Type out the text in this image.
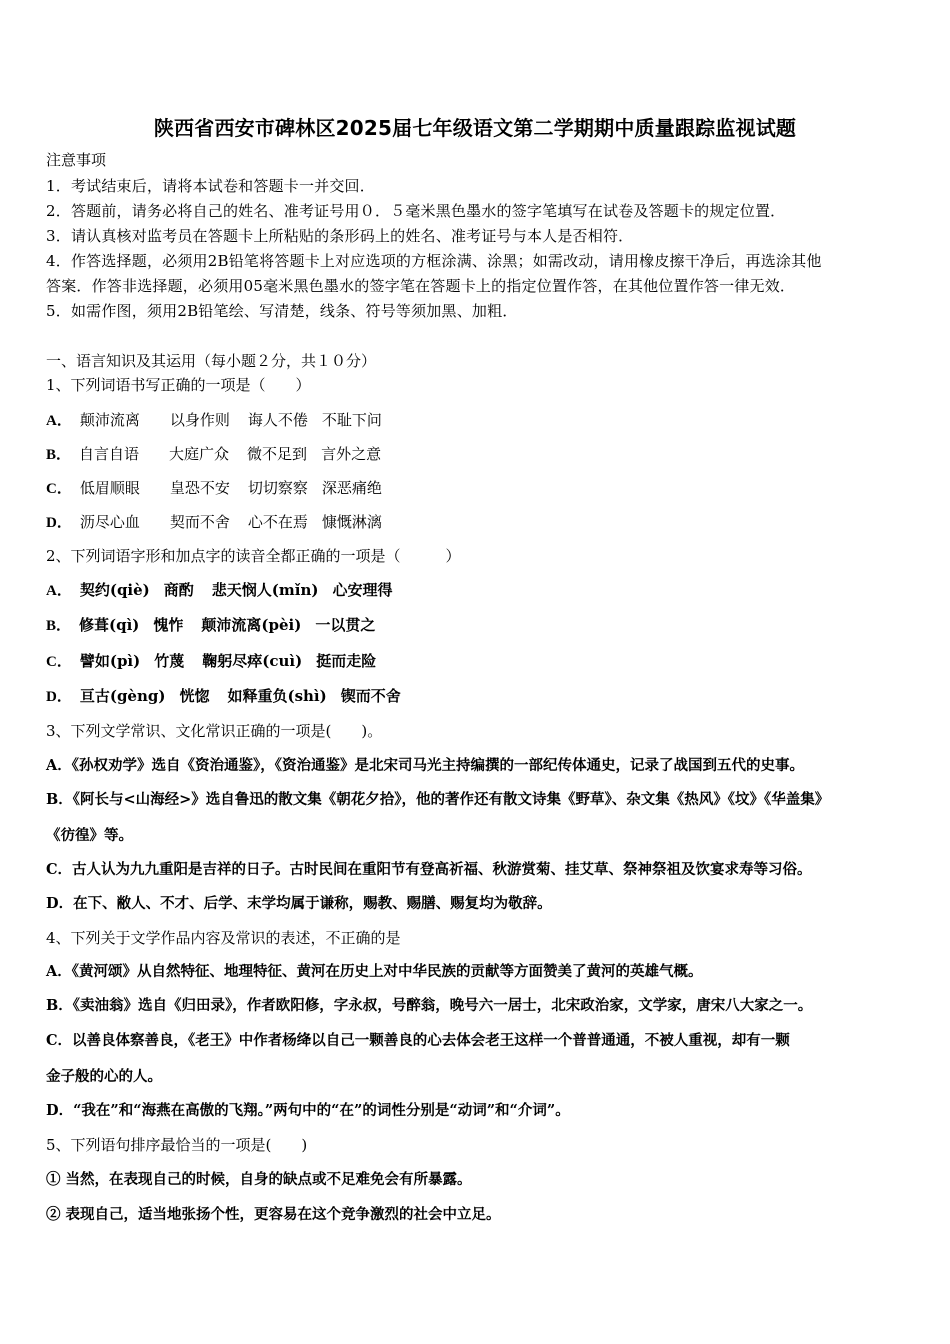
陕西省西安市碑林区2025届七年级语文第二学期期中质量跟踪监视试题
注意事项
1．考试结束后，请将本试卷和答题卡一并交回．
2．答题前，请务必将自己的姓名、准考证号用０．５毫米黑色墨水的签字笔填写在试卷及答题卡的规定位置．
3．请认真核对监考员在答题卡上所粘贴的条形码上的姓名、准考证号与本人是否相符．
4．作答选择题，必须用2B铅笔将答题卡上对应选项的方框涂满、涂黑；如需改动，请用橡皮擦干净后，再选涂其他
答案．作答非选择题，必须用05毫米黑色墨水的签字笔在答题卡上的指定位置作答，在其他位置作答一律无效．
5．如需作图，须用2B铅笔绘、写清楚，线条、符号等须加黑、加粗．
一、语言知识及其运用（每小题２分，共１０分）
1、下列词语书写正确的一项是（　　）
A． 颠沛流离 以身作则 诲人不倦 不耻下问
B． 自言自语 大庭广众 微不足到 言外之意
C． 低眉顺眼 皇恐不安 切切察察 深恶痛绝
D． 沥尽心血 契而不舍 心不在焉 慷慨淋漓
2、下列词语字形和加点字的读音全都正确的一项是（　　　）
A． 契约(qiè) 商酌 悲天悯人(mǐn) 心安理得
B． 修葺(qì) 愧怍 颠沛流离(pèi) 一以贯之
C． 譬如(pì) 竹蔑 鞠躬尽瘁(cuì) 挺而走险
D． 亘古(gèng) 恍惚 如释重负(shì) 锲而不舍
3、下列文学常识、文化常识正确的一项是(　　)。
A．《孙权劝学》选自《资治通鉴》，《资治通鉴》是北宋司马光主持编撰的一部纪传体通史，记录了战国到五代的史事。
B．《阿长与<山海经>》选自鲁迅的散文集《朝花夕拾》，他的著作还有散文诗集《野草》、杂文集《热风》《坟》《华盖集》
《彷徨》等。
C．古人认为九九重阳是吉祥的日子。古时民间在重阳节有登高祈福、秋游赏菊、挂艾草、祭神祭祖及饮宴求寿等习俗。
D．在下、敝人、不才、后学、末学均属于谦称，赐教、赐膳、赐复均为敬辞。
4、下列关于文学作品内容及常识的表述，不正确的是
A．《黄河颂》从自然特征、地理特征、黄河在历史上对中华民族的贡献等方面赞美了黄河的英雄气概。
B．《卖油翁》选自《归田录》，作者欧阳修，字永叔，号醉翁，晚号六一居士，北宋政治家，文学家，唐宋八大家之一。
C．以善良体察善良，《老王》中作者杨绛以自己一颗善良的心去体会老王这样一个普普通通，不被人重视，却有一颗
金子般的心的人。
D．“我在”和“海燕在高傲的飞翔。”两句中的“在”的词性分别是“动词”和“介词”。
5、下列语句排序最恰当的一项是(　　)
① 当然，在表现自己的时候，自身的缺点或不足难免会有所暴露。
② 表现自己，适当地张扬个性，更容易在这个竞争激烈的社会中立足。
